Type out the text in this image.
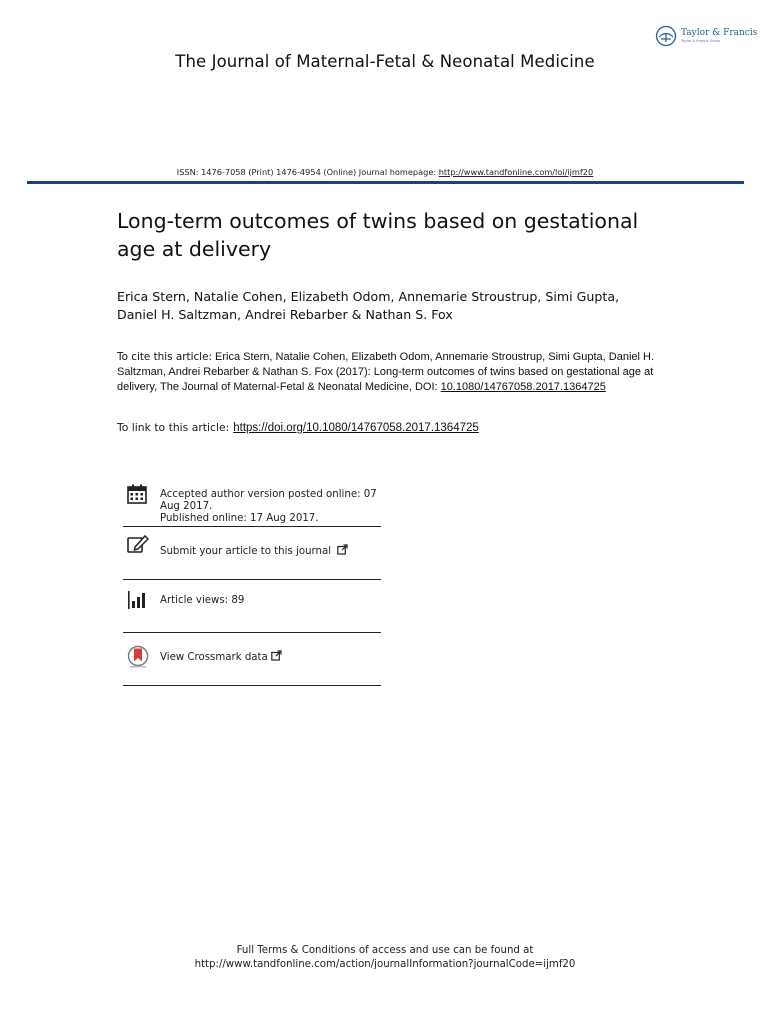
Taylor & Francis
Taylor & Francis Group
The Journal of Maternal-Fetal & Neonatal Medicine
ISSN: 1476-7058 (Print) 1476-4954 (Online) Journal homepage: http://www.tandfonline.com/loi/ijmf20
Long-term outcomes of twins based on gestational age at delivery
Erica Stern, Natalie Cohen, Elizabeth Odom, Annemarie Stroustrup, Simi Gupta, Daniel H. Saltzman, Andrei Rebarber & Nathan S. Fox
To cite this article: Erica Stern, Natalie Cohen, Elizabeth Odom, Annemarie Stroustrup, Simi Gupta, Daniel H. Saltzman, Andrei Rebarber & Nathan S. Fox (2017): Long-term outcomes of twins based on gestational age at delivery, The Journal of Maternal-Fetal & Neonatal Medicine, DOI: 10.1080/14767058.2017.1364725
To link to this article: https://doi.org/10.1080/14767058.2017.1364725
Accepted author version posted online: 07 Aug 2017.
Published online: 17 Aug 2017.
Submit your article to this journal
Article views: 89
View Crossmark data
Full Terms & Conditions of access and use can be found at
http://www.tandfonline.com/action/journalInformation?journalCode=ijmf20
